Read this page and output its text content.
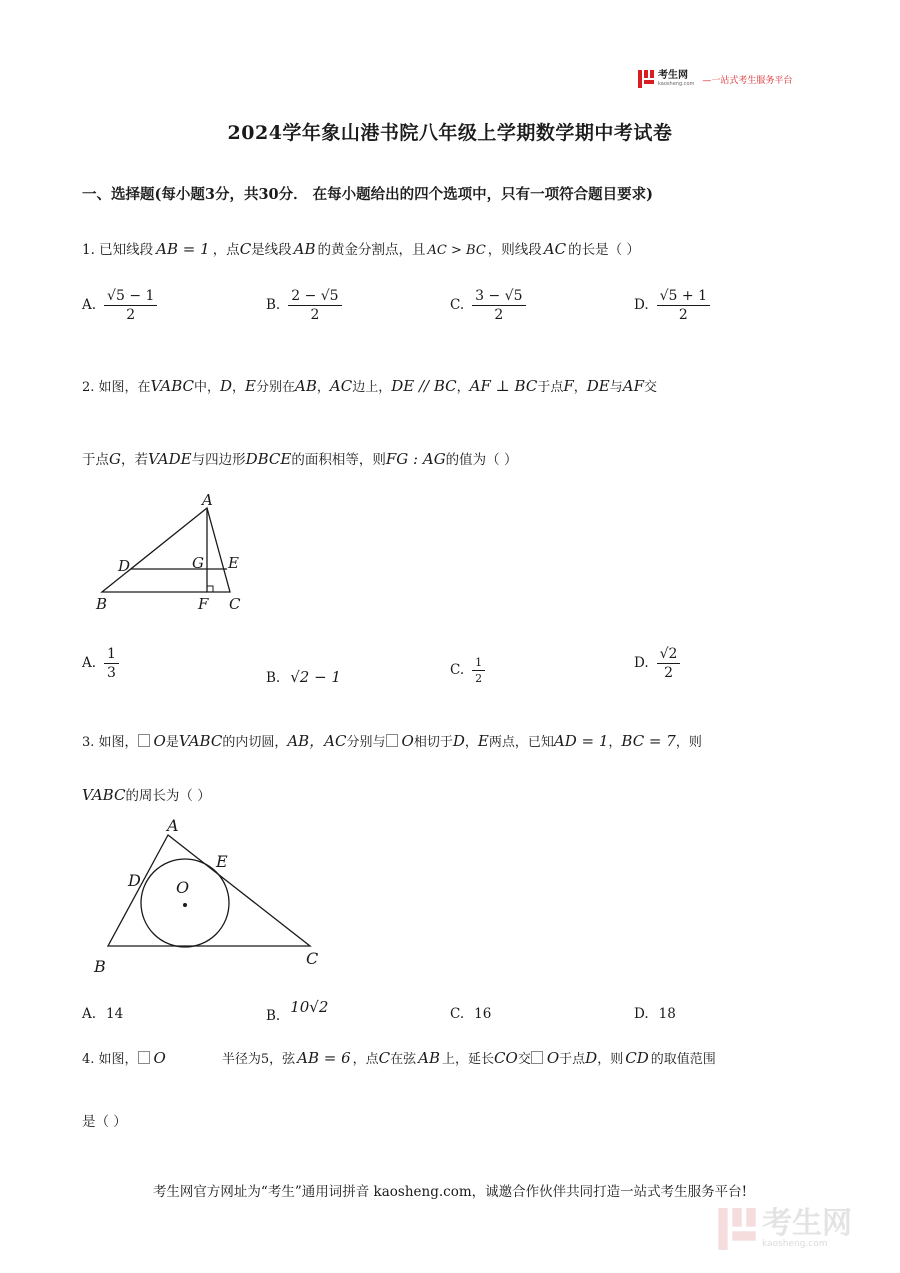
考生网
kaosheng.com —一站式考生服务平台
2024学年象山港书院八年级上学期数学期中考试卷
一、选择题(每小题3分，共30分． 在每小题给出的四个选项中，只有一项符合题目要求)
1. 已知线段 AB = 1 ，点C是线段 AB 的黄金分割点，且 AC > BC ，则线段 AC 的长是（ ）
A. $\frac{√5 - 1}{2}$	B. $\frac{2 - √5}{2}$	C. $\frac{3 - √5}{2}$	D. $\frac{√5 + 1}{2}$
2. 如图，在VABC中，D，E分别在AB，AC边上，DE // BC，AF ⊥ BC于点F，DE与AF交
于点G，若VADE与四边形DBCE的面积相等，则FG : AG的值为（ ）
A
D	G E
B	F C
A. $\frac{1}{3}$	B. √2 − 1	C. $\frac{1}{2}$	D. $\frac{√2}{2}$
3. 如图， O是VABC的内切圆，AB，AC分别与 O相切于D，E两点，已知AD = 1，BC = 7，则
VABC的周长为（ ）
A
E
D O
B	C
A. 14	B. 10√2	C. 16	D. 18
4. 如图， O	半径为5，弦 AB = 6 ，点C在弦 AB 上，延长CO交 O于点D，则 CD 的取值范围
是（ ）
考生网官方网址为“考生”通用词拼音 kaosheng.com，诚邀合作伙伴共同打造一站式考生服务平台!
考生网
kaosheng.com
